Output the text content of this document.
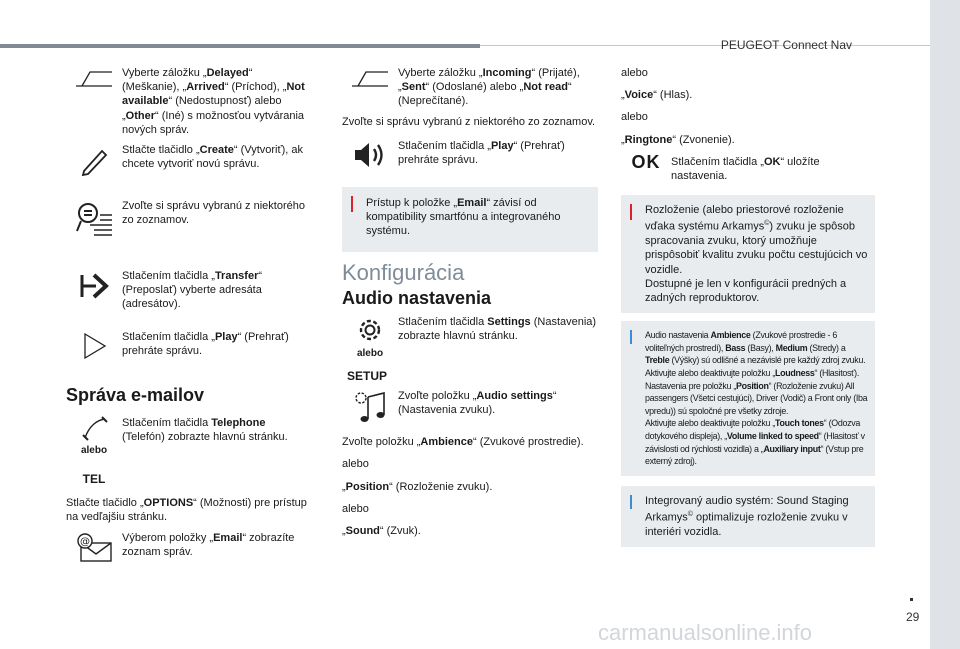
PEUGEOT Connect Nav

Vyberte záložku „Delayed“ (Meškanie), „Arrived“ (Príchod), „Not available“ (Nedostupnosť) alebo „Other“ (Iné) s možnosťou vytvárania nových správ.

Stlačte tlačidlo „Create“ (Vytvoriť), ak chcete vytvoriť novú správu.

Zvoľte si správu vybranú z niektorého zo zoznamov.

Stlačením tlačidla „Transfer“ (Preposlať) vyberte adresáta (adresátov).

Stlačením tlačidla „Play“ (Prehrať) prehráte správu.

Správa e-mailov
alebo
TEL

Stlačením tlačidla Telephone (Telefón) zobrazte hlavnú stránku.

Stlačte tlačidlo „OPTIONS“ (Možnosti) pre prístup na vedľajšiu stránku.

@	Výberom položky „Email“ zobrazíte zoznam správ.

Vyberte záložku „Incoming“ (Prijaté), „Sent“ (Odoslané) alebo „Not read“ (Neprečítané).

Zvoľte si správu vybranú z niektorého zo zoznamov.

Stlačením tlačidla „Play“ (Prehrať) prehráte správu.

Prístup k položke „Email“ závisí od kompatibility smartfónu a integrovaného systému.

Konfigurácia
Audio nastavenia
alebo
SETUP

Stlačením tlačidla Settings (Nastavenia) zobrazte hlavnú stránku.

Zvoľte položku „Audio settings“ (Nastavenia zvuku).

Zvoľte položku „Ambience“ (Zvukové prostredie).

alebo

„Position“ (Rozloženie zvuku).

alebo

„Sound“ (Zvuk).

alebo

„Voice“ (Hlas).

alebo

„Ringtone“ (Zvonenie).

OK Stlačením tlačidla „OK“ uložíte nastavenia.

Rozloženie (alebo priestorové rozloženie vďaka systému Arkamys©) zvuku je spôsob spracovania zvuku, ktorý umožňuje prispôsobiť kvalitu zvuku počtu cestujúcich vo vozidle.

Dostupné je len v konfigurácii predných a zadných reproduktorov.

Audio nastavenia Ambience (Zvukové prostredie - 6 voliteľných prostredí), Bass (Basy), Medium (Stredy) a Treble (Výšky) sú odlišné a nezávislé pre každý zdroj zvuku.

Aktivujte alebo deaktivujte položku „Loudness“ (Hlasitosť).

Nastavenia pre položku „Position“ (Rozloženie zvuku) All passengers (Všetci cestujúci), Driver (Vodič) a Front only (Iba vpredu)) sú spoločné pre všetky zdroje.

Aktivujte alebo deaktivujte položku „Touch tones“ (Odozva dotykového displeja), „Volume linked to speed“ (Hlasitosť v závislosti od rýchlosti vozidla) a „Auxiliary input“ (Vstup pre externý zdroj).

Integrovaný audio systém: Sound Staging Arkamys© optimalizuje rozloženie zvuku v interiéri vozidla.

29
carmanualsonline.info
